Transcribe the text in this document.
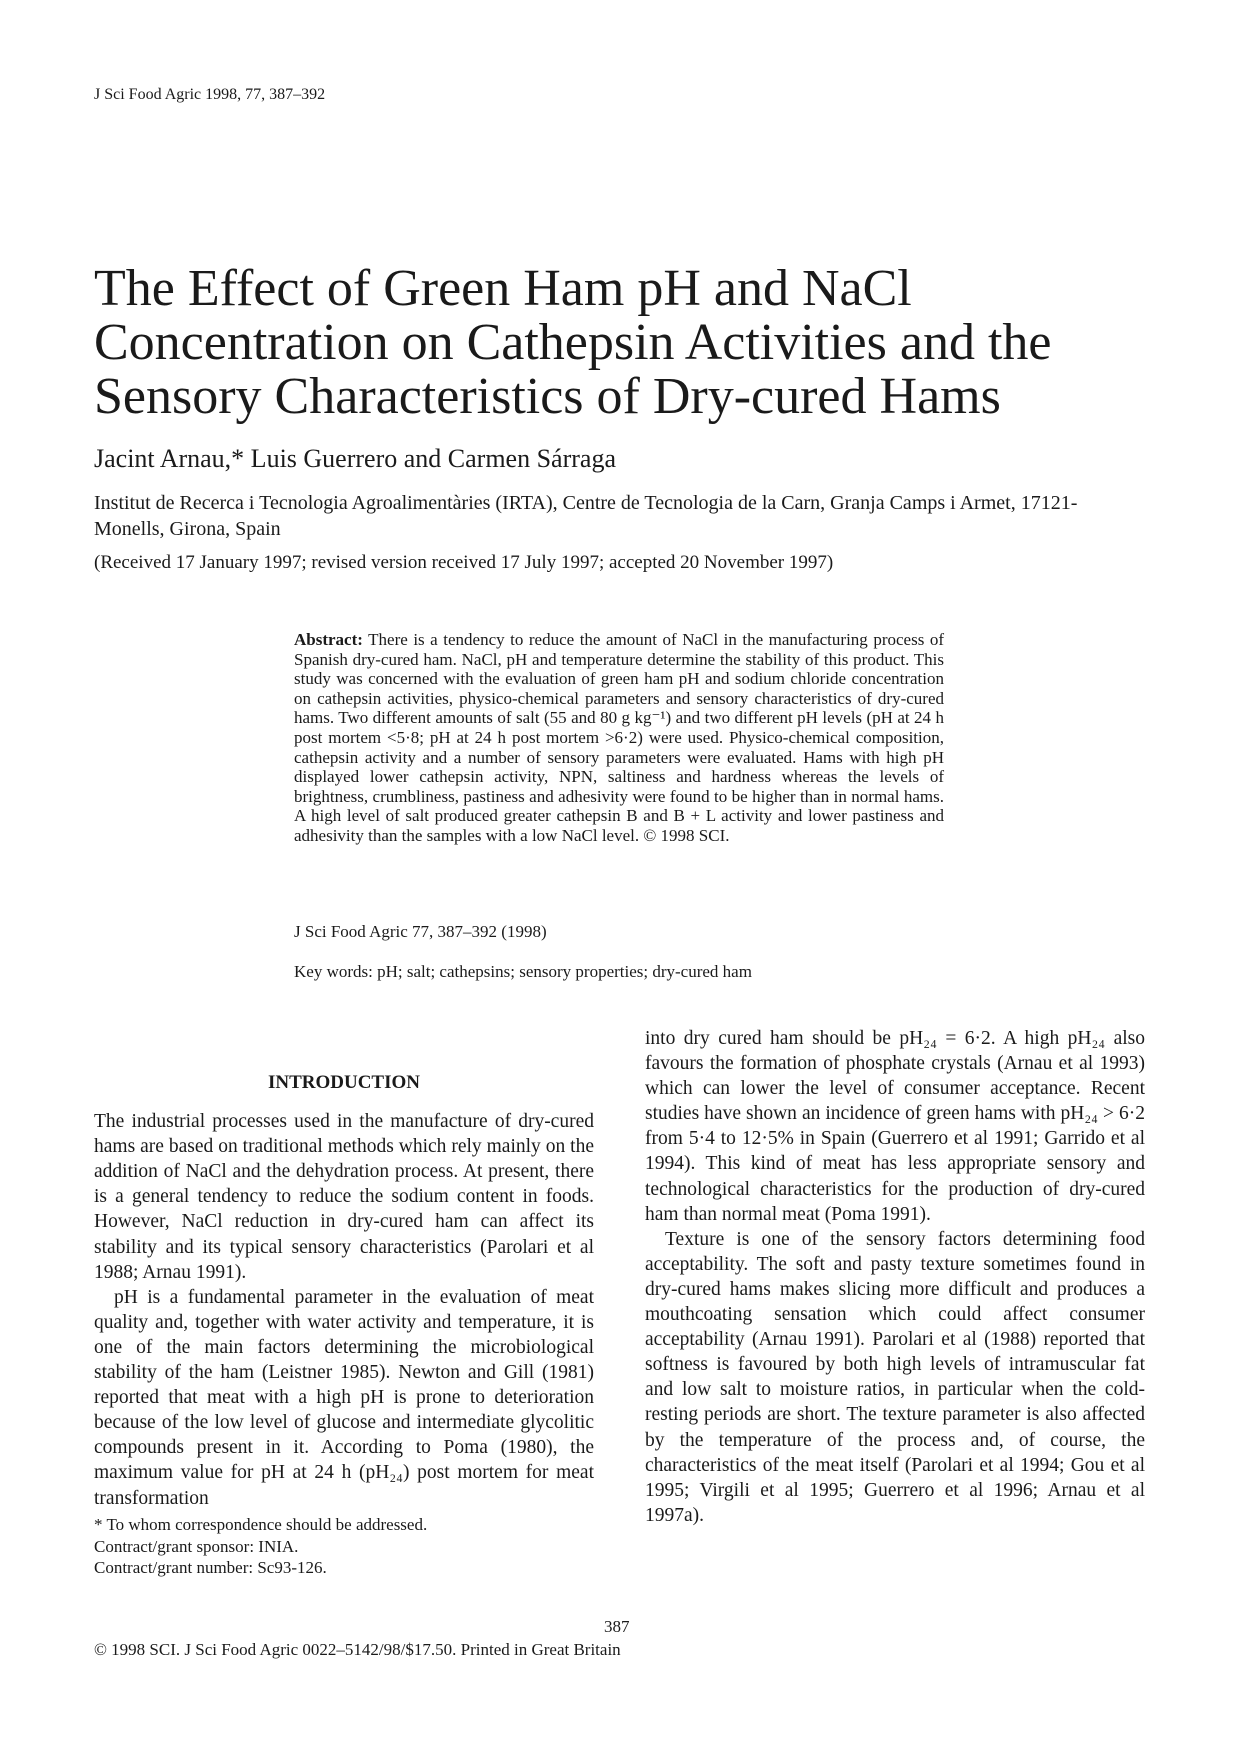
J Sci Food Agric 1998, 77, 387–392
The Effect of Green Ham pH and NaCl Concentration on Cathepsin Activities and the Sensory Characteristics of Dry-cured Hams
Jacint Arnau,* Luis Guerrero and Carmen Sárraga
Institut de Recerca i Tecnologia Agroalimentàries (IRTA), Centre de Tecnologia de la Carn, Granja Camps i Armet, 17121-Monells, Girona, Spain
(Received 17 January 1997; revised version received 17 July 1997; accepted 20 November 1997)
Abstract: There is a tendency to reduce the amount of NaCl in the manufacturing process of Spanish dry-cured ham. NaCl, pH and temperature determine the stability of this product. This study was concerned with the evaluation of green ham pH and sodium chloride concentration on cathepsin activities, physico-chemical parameters and sensory characteristics of dry-cured hams. Two different amounts of salt (55 and 80 g kg⁻¹) and two different pH levels (pH at 24 h post mortem <5·8; pH at 24 h post mortem >6·2) were used. Physico-chemical composition, cathepsin activity and a number of sensory parameters were evaluated. Hams with high pH displayed lower cathepsin activity, NPN, saltiness and hardness whereas the levels of brightness, crumbliness, pastiness and adhesivity were found to be higher than in normal hams. A high level of salt produced greater cathepsin B and B + L activity and lower pastiness and adhesivity than the samples with a low NaCl level. © 1998 SCI.
J Sci Food Agric 77, 387–392 (1998)
Key words: pH; salt; cathepsins; sensory properties; dry-cured ham
INTRODUCTION

The industrial processes used in the manufacture of dry-cured hams are based on traditional methods which rely mainly on the addition of NaCl and the dehydration process. At present, there is a general tendency to reduce the sodium content in foods. However, NaCl reduction in dry-cured ham can affect its stability and its typical sensory characteristics (Parolari et al 1988; Arnau 1991).

pH is a fundamental parameter in the evaluation of meat quality and, together with water activity and temperature, it is one of the main factors determining the microbiological stability of the ham (Leistner 1985). Newton and Gill (1981) reported that meat with a high pH is prone to deterioration because of the low level of glucose and intermediate glycolitic compounds present in it. According to Poma (1980), the maximum value for pH at 24 h (pH₂₄) post mortem for meat transformation

into dry cured ham should be pH₂₄ = 6·2. A high pH₂₄ also favours the formation of phosphate crystals (Arnau et al 1993) which can lower the level of consumer acceptance. Recent studies have shown an incidence of green hams with pH₂₄ > 6·2 from 5·4 to 12·5% in Spain (Guerrero et al 1991; Garrido et al 1994). This kind of meat has less appropriate sensory and technological characteristics for the production of dry-cured ham than normal meat (Poma 1991).

Texture is one of the sensory factors determining food acceptability. The soft and pasty texture sometimes found in dry-cured hams makes slicing more difficult and produces a mouthcoating sensation which could affect consumer acceptability (Arnau 1991). Parolari et al (1988) reported that softness is favoured by both high levels of intramuscular fat and low salt to moisture ratios, in particular when the cold-resting periods are short. The texture parameter is also affected by the temperature of the process and, of course, the characteristics of the meat itself (Parolari et al 1994; Gou et al 1995; Virgili et al 1995; Guerrero et al 1996; Arnau et al 1997a).

* To whom correspondence should be addressed.
Contract/grant sponsor: INIA.
Contract/grant number: Sc93-126.
387
© 1998 SCI. J Sci Food Agric 0022–5142/98/$17.50. Printed in Great Britain
